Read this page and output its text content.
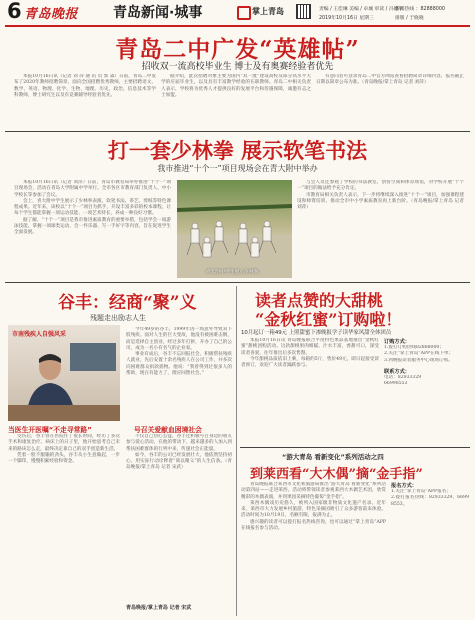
6 青岛晚报 青岛新闻·城事	掌上青岛	责编 / 王佳琳 美编 / 卓城 审读 / 冯德军
2019年10月16日 星期三	排版 / 于晓晓
新闻热线 ：82888000
青岛二中广发“英雄帖”
招收双一流高校毕业生 博士及有奥赛经验者优先

本报10月16日讯（记者 刘 萍 通 讯 员 郭 淼）日前，青岛二中发布了2020年教师招聘简章，面向全国招聘优秀教师，主要招聘语文、数学、英语、物理、化学、生物、地理、历史、政治、信息技术等学科教师，博士研究生以及有竞赛辅导经验者优先。

据介绍，此次招聘对象主要为国内“双一流”建设高校及部分高水平大学的应届毕业生，以及具有丰富教学经验的在职教师。青岛二中相关负责人表示，学校将为优秀人才提供良好的发展平台和待遇保障，诚邀有志之士加盟。

有意向者可登录青岛二中官方网站查看招聘简章详细内容，报名截止日期以简章公布为准。（青岛晚报/掌上青岛 记者 刘萍）

打一套少林拳 展示软笔书法
我市推进“十个一”项目现场会在青大附中举办

本报10月16日讯（记者 刘萍）日前，青岛市教育局举办推进“十个一”项目现场会，活动在青岛大学附属中学举行。全市各区市教育部门负责人、中小学校长等参加了会议。

会上，青大附中学生展示了少林拳表演、软笔书法、茶艺、剪纸等特色课程成果。近年来，该校以“十个一”项目为抓手，开设丰富多彩的校本课程，让每个学生都能掌握一项运动技能、一项艺术特长，养成一种良好习惯。

据了解，“十个一”项目是我市推进素质教育的重要举措，包括学会一项游泳技能、掌握一项球类运动、会一件乐器、写一手好字等内容，旨在促进学生全面发展。

青大附中学生展示少林拳。

与会人员还参观了学校的书法教室、创客空间和体育场馆，对学校开展“十个一”项目的做法给予充分肯定。

市教育局相关负责人表示，下一步将继续深入推进“十个一”项目，加强课程建设和师资培训，推动全市中小学素质教育再上新台阶。（青岛晚报/掌上青岛 记者 刘萍）

谷丰：经商“聚”义
残题走出励志人生
市南残疾人自强风采

今年49岁的谷丰，1999年因一场意外导致双下肢残疾。面对人生的巨大变故，他没有被困难击倒，而是选择自主创业，经过多年打拼，开办了自己的公司，成为一名小有名气的企业家。

事业有成后，谷丰不忘回报社会，积极帮扶残疾人就业，先后安置十余名残疾人在公司工作，并多次向困难群众捐款捐物。他说：“我曾得到过很多人的帮助，现在有能力了，理应回馈社会。”

当医生开医嘱“不走寻常路”

受伤后，谷丰曾在医院住了很长时间，经历了多次手术和康复治疗。病床上的日子里，他开始思考自己未来的路该怎么走，最终决定靠自己的双手创造新生活。

凭着一股不服输的劲头，谷丰从小生意做起，一步一个脚印，慢慢积累经验和资金。

号召关爱献血困境社会

不仅自己热心公益，谷丰还积极号召身边的朋友参与爱心活动。在他的带动下，越来越多的人加入到帮扶困难群体的行列中来，传递社会正能量。

如今，谷丰的公司已经发展壮大，他依然坚持初心，用实际行动诠释着“商以聚义”的人生信条。（青岛晚报/掌上青岛 记者 宋武）

青岛晚报/掌上青岛 记者 宋武
读者点赞的大甜桃
“金秋红蜜”订购啦！
10月起订一箱49元 上照甜蜜下渗晚报学子读华家风甜全体团员

本报10月16日讯 青岛晚报联合平度特色果品基地推出“金秋红蜜”甜桃团购活动。这款甜桃果肉细腻、汁水丰富，香甜可口，深受读者喜爱，往年推出后多次售罄。

今年甜桃品质依旧上乘，每箱约5斤，售价49元，即日起接受读者预订，欢迎广大读者踊跃参与。

订购方式：
1.拨打订购热线82888000；
2.关注“掌上青岛”APP在线下单；
3.到晚报读者服务中心现场订购。
联系方式：
电话：82933329
66998553
“游大青岛 看新变化”系列活动之四
到莱西看“大木偶”摘“金手指”

青岛晚报联合莱西市文化和旅游局推出“游大青岛 看新变化”系列活动第四站——走进莱西。活动将带领读者参观莱西大木偶艺术团，欣赏精彩的木偶表演，并到果园采摘特色葡萄“金手指”。

莱西木偶戏历史悠久，被列入国家级非物质文化遗产名录。近年来，莱西市大力发展乡村旅游，特色采摘园吸引了众多游客前来体验。活动时间为10月19日，名额有限，报满为止。

感兴趣的读者可以拨打报名热线咨询，也可以通过“掌上青岛”APP在线报名参与活动。

报名方式：
1.关注“掌上青岛”APP报名；
2.拨打报名热线：82933329、66998553。
